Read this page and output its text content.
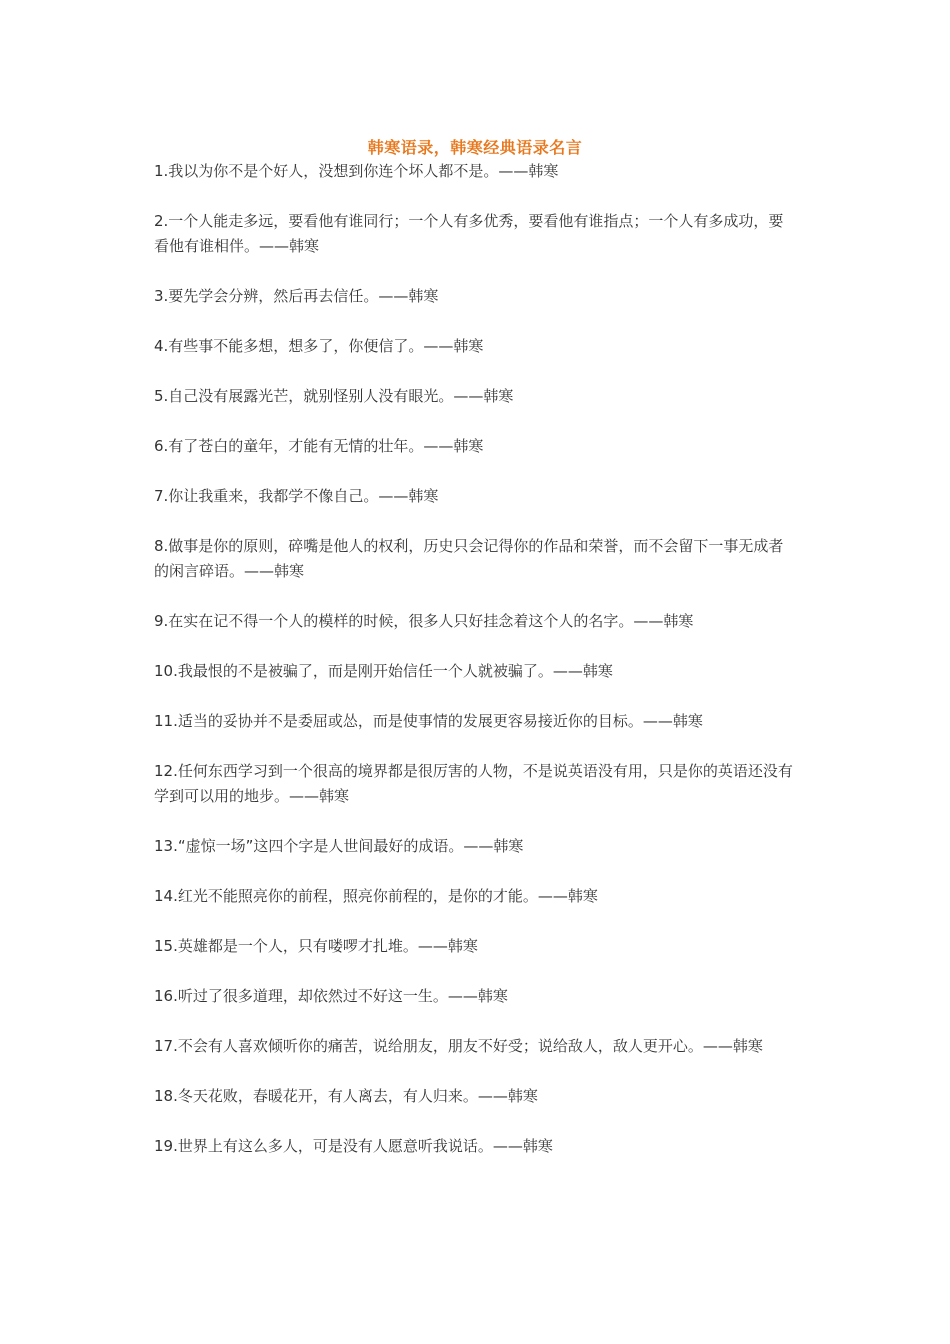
韩寒语录，韩寒经典语录名言
1.我以为你不是个好人，没想到你连个坏人都不是。——韩寒
2.一个人能走多远，要看他有谁同行；一个人有多优秀，要看他有谁指点；一个人有多成功，要看他有谁相伴。——韩寒
3.要先学会分辨，然后再去信任。——韩寒
4.有些事不能多想，想多了，你便信了。——韩寒
5.自己没有展露光芒，就别怪别人没有眼光。——韩寒
6.有了苍白的童年，才能有无情的壮年。——韩寒
7.你让我重来，我都学不像自己。——韩寒
8.做事是你的原则，碎嘴是他人的权利，历史只会记得你的作品和荣誉，而不会留下一事无成者的闲言碎语。——韩寒
9.在实在记不得一个人的模样的时候，很多人只好挂念着这个人的名字。——韩寒
10.我最恨的不是被骗了，而是刚开始信任一个人就被骗了。——韩寒
11.适当的妥协并不是委屈或怂，而是使事情的发展更容易接近你的目标。——韩寒
12.任何东西学习到一个很高的境界都是很厉害的人物，不是说英语没有用，只是你的英语还没有学到可以用的地步。——韩寒
13.“虚惊一场”这四个字是人世间最好的成语。——韩寒
14.红光不能照亮你的前程，照亮你前程的，是你的才能。——韩寒
15.英雄都是一个人，只有喽啰才扎堆。——韩寒
16.听过了很多道理，却依然过不好这一生。——韩寒
17.不会有人喜欢倾听你的痛苦，说给朋友，朋友不好受；说给敌人，敌人更开心。——韩寒
18.冬天花败，春暖花开，有人离去，有人归来。——韩寒
19.世界上有这么多人，可是没有人愿意听我说话。——韩寒
